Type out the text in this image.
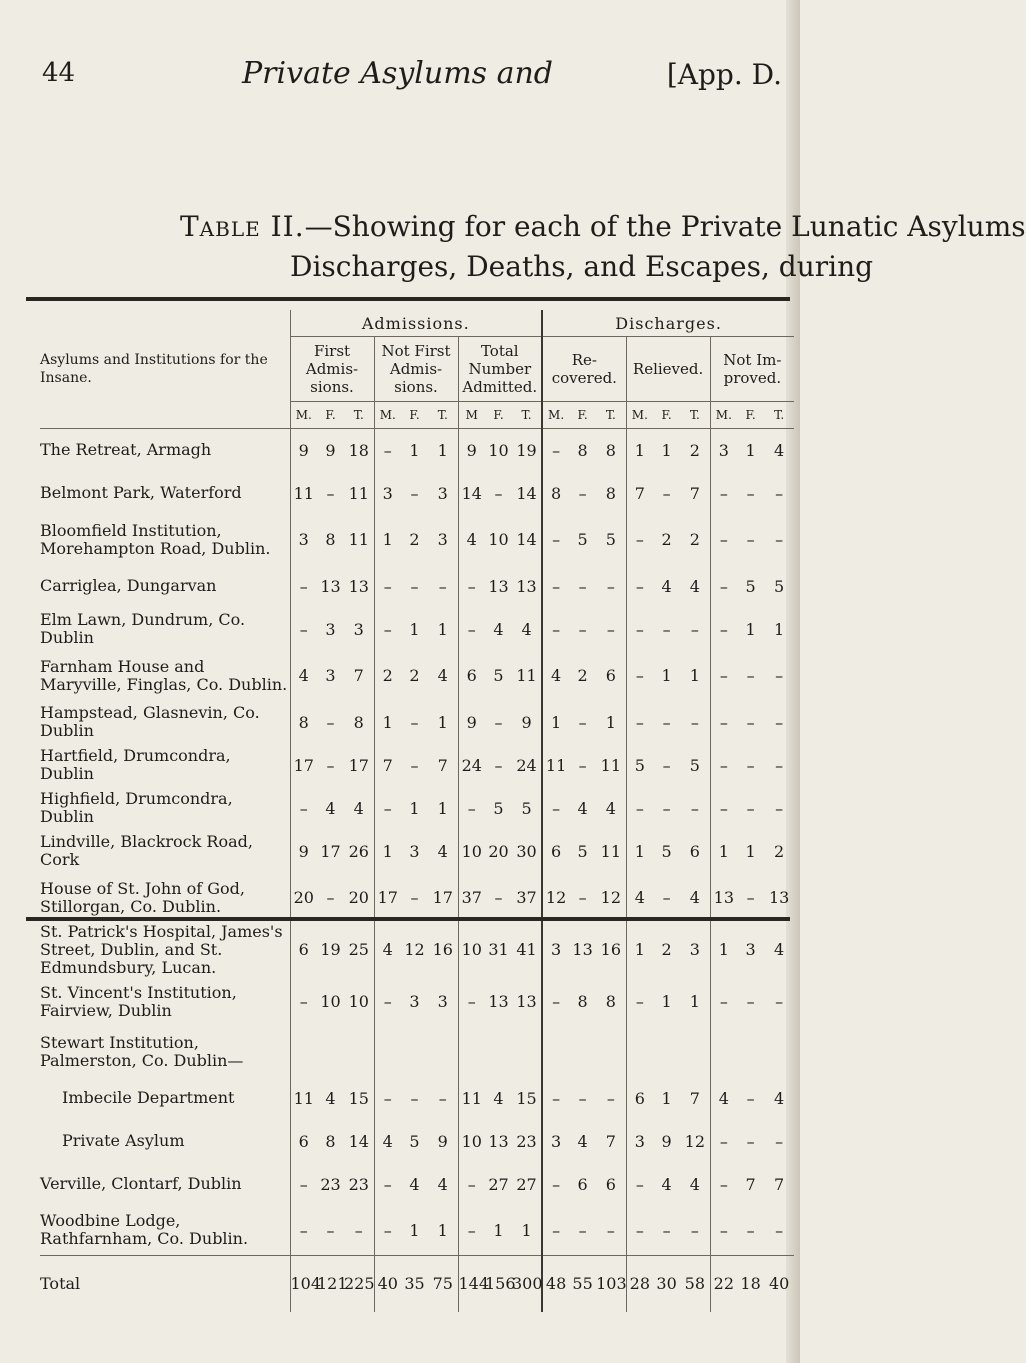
44	Private Asylums and	[App. D.
Table II.—Showing for each of the Private Lunatic Asylums
Discharges, Deaths, and Escapes, during
Asylums and Institutions for the Insane.	Admissions.									Discharges.								
	First Admis-sions.			Not First Admis-sions.			Total Number Admitted.			Re-covered.			Relieved.			Not Im-proved.		
	M.	F.	T.	M.	F.	T.	M	F.	T.	M.	F.	T.	M.	F.	T.	M.	F.	T.
The Retreat, Armagh	9	9	18	–	1	1	9	10	19	–	8	8	1	1	2	3	1	4
Belmont Park, Waterford	11	–	11	3	–	3	14	–	14	8	–	8	7	–	7	–	–	–
Bloomfield Institution, Morehampton Road, Dublin.	3	8	11	1	2	3	4	10	14	–	5	5	–	2	2	–	–	–
Carriglea, Dungarvan	–	13	13	–	–	–	–	13	13	–	–	–	–	4	4	–	5	5
Elm Lawn, Dundrum, Co. Dublin	–	3	3	–	1	1	–	4	4	–	–	–	–	–	–	–	1	1
Farnham House and Maryville, Finglas, Co. Dublin.	4	3	7	2	2	4	6	5	11	4	2	6	–	1	1	–	–	–
Hampstead, Glasnevin, Co. Dublin	8	–	8	1	–	1	9	–	9	1	–	1	–	–	–	–	–	–
Hartfield, Drumcondra, Dublin	17	–	17	7	–	7	24	–	24	11	–	11	5	–	5	–	–	–
Highfield, Drumcondra, Dublin	–	4	4	–	1	1	–	5	5	–	4	4	–	–	–	–	–	–
Lindville, Blackrock Road, Cork	9	17	26	1	3	4	10	20	30	6	5	11	1	5	6	1	1	2
House of St. John of God, Stillorgan, Co. Dublin.	20	–	20	17	–	17	37	–	37	12	–	12	4	–	4	13	–	13
St. Patrick's Hospital, James's Street, Dublin, and St. Edmundsbury, Lucan.	6	19	25	4	12	16	10	31	41	3	13	16	1	2	3	1	3	4
St. Vincent's Institution, Fairview, Dublin	–	10	10	–	3	3	–	13	13	–	8	8	–	1	1	–	–	–
Stewart Institution, Palmerston, Co. Dublin—																		
Imbecile Department	11	4	15	–	–	–	11	4	15	–	–	–	6	1	7	4	–	4
Private Asylum	6	8	14	4	5	9	10	13	23	3	4	7	3	9	12	–	–	–
Verville, Clontarf, Dublin	–	23	23	–	4	4	–	27	27	–	6	6	–	4	4	–	7	7
Woodbine Lodge, Rathfarnham, Co. Dublin.	–	–	–	–	1	1	–	1	1	–	–	–	–	–	–	–	–	–
Total	104	121	225	40	35	75	144	156	300	48	55	103	28	30	58	22	18	40
